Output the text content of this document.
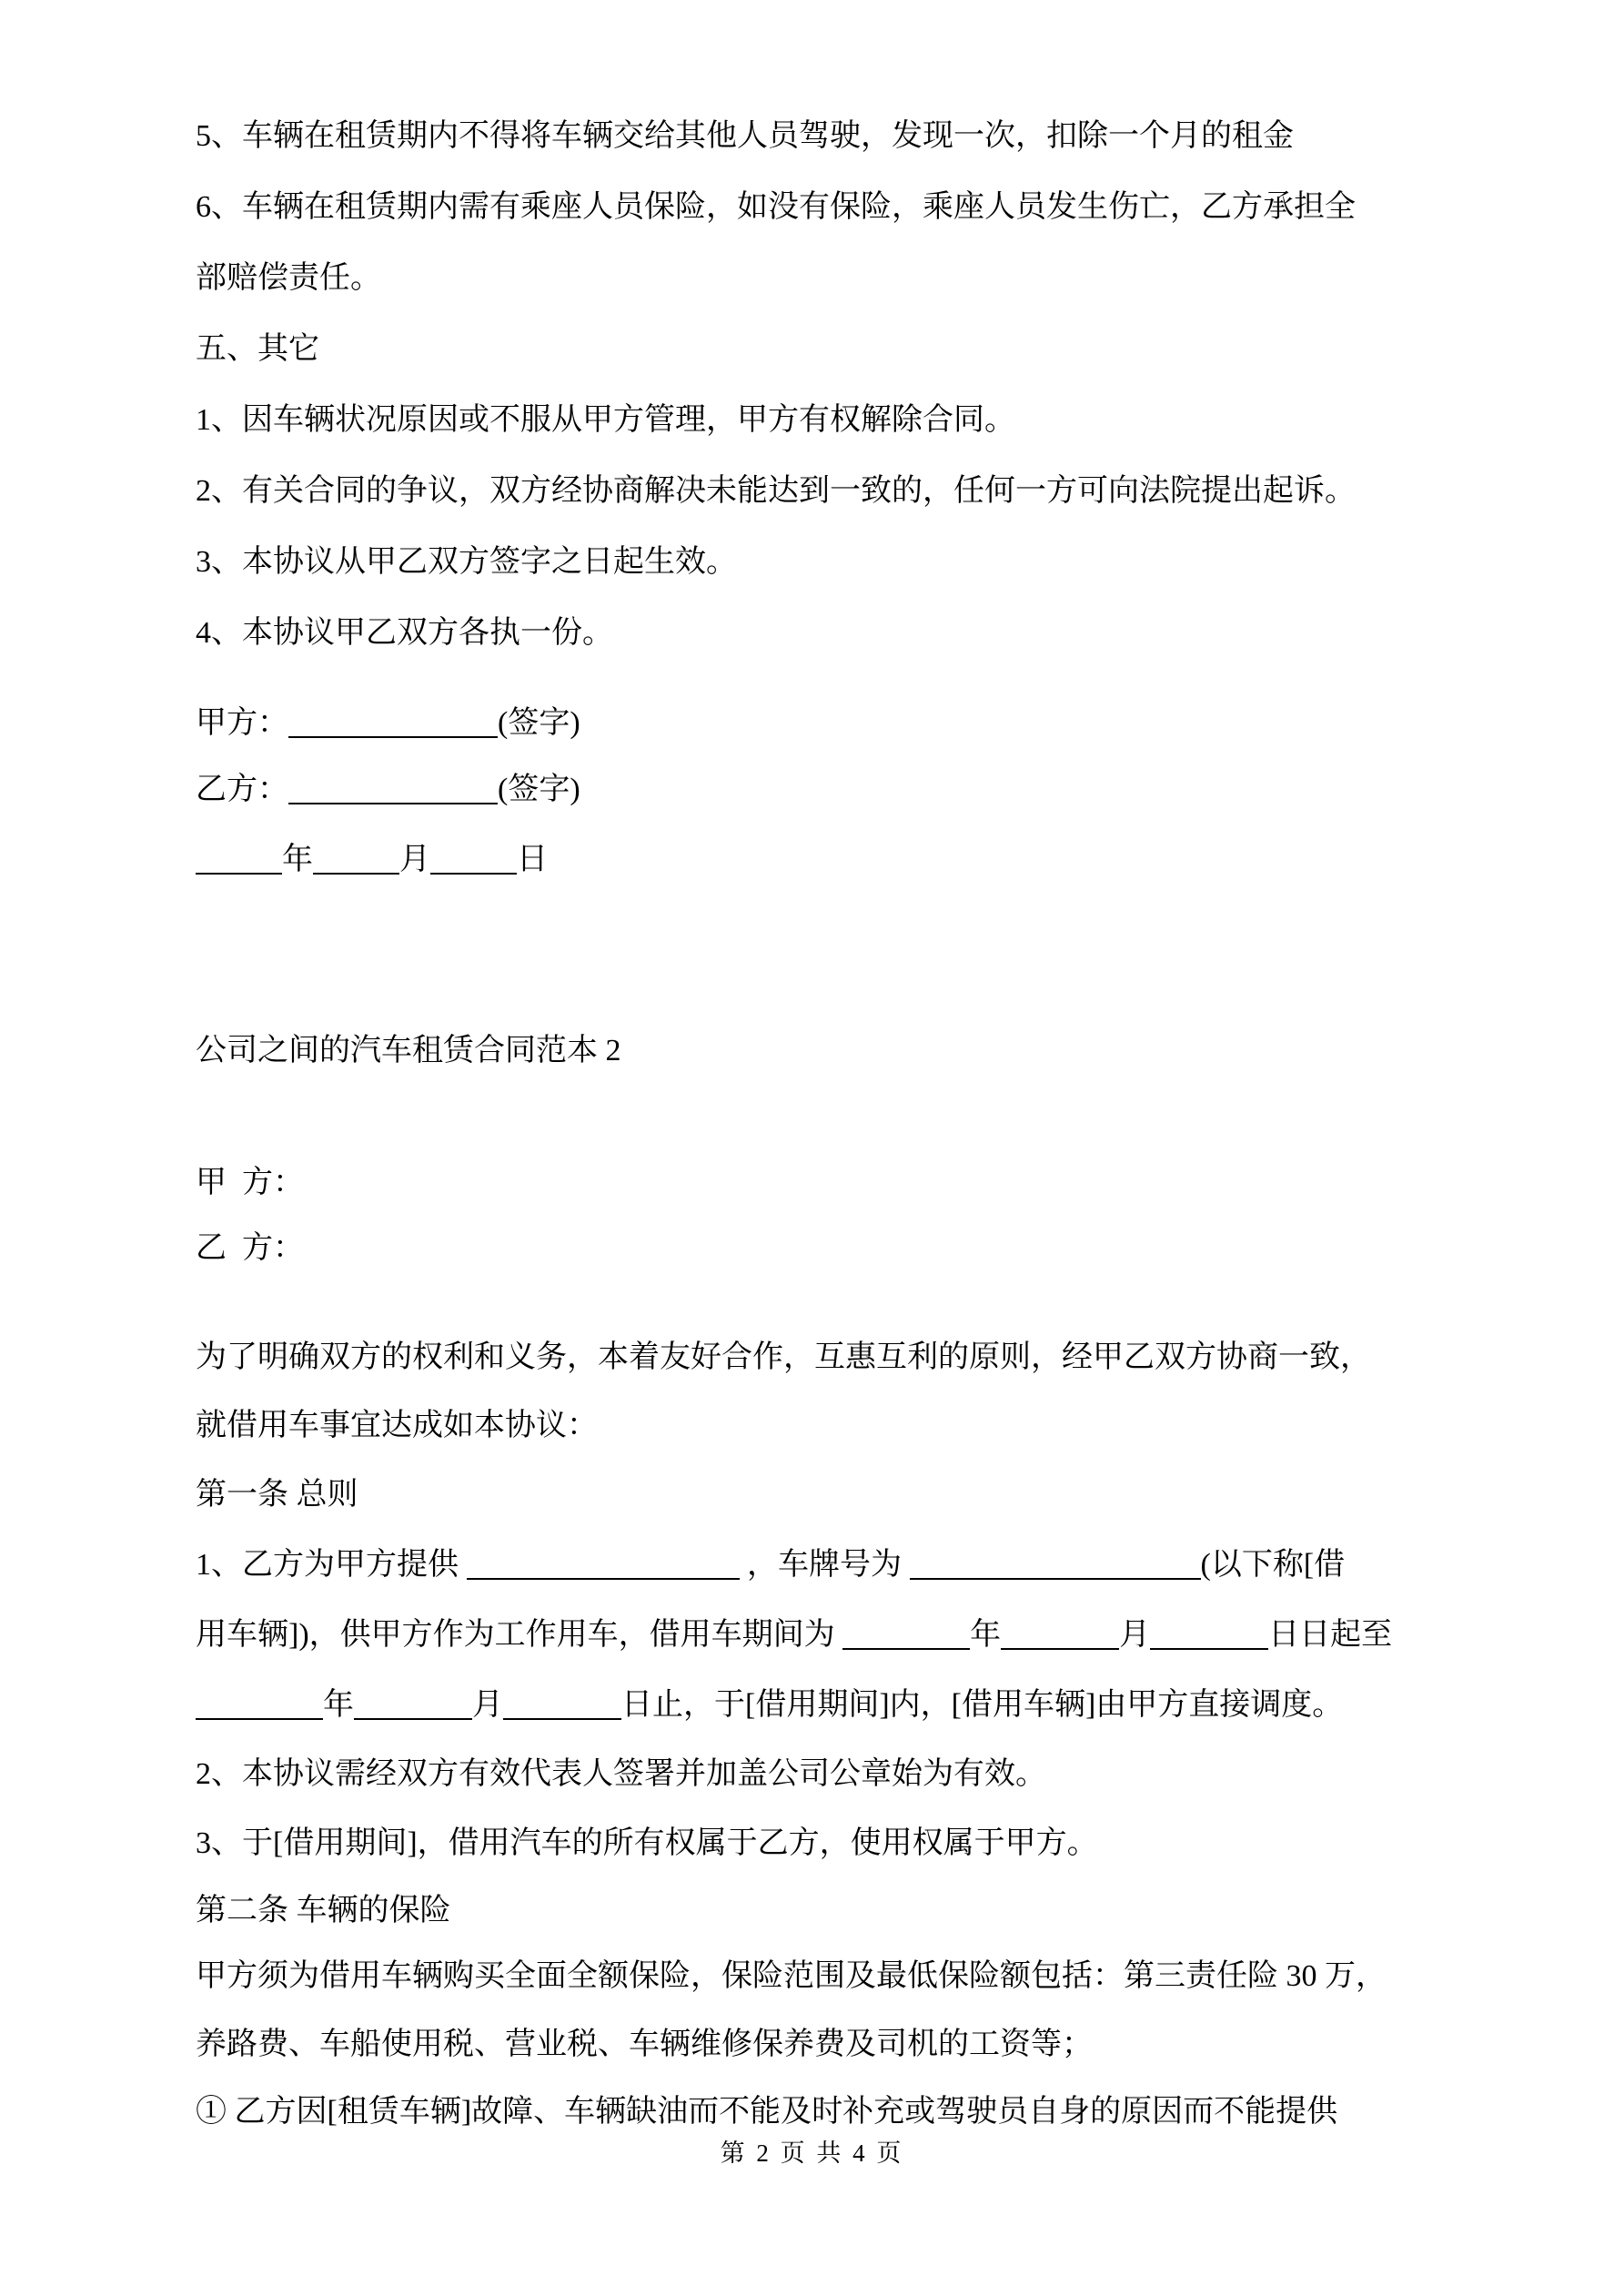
5、车辆在租赁期内不得将车辆交给其他人员驾驶，发现一次，扣除一个月的租金
6、车辆在租赁期内需有乘座人员保险，如没有保险，乘座人员发生伤亡，乙方承担全
部赔偿责任。
五、其它
1、因车辆状况原因或不服从甲方管理，甲方有权解除合同。
2、有关合同的争议，双方经协商解决未能达到一致的，任何一方可向法院提出起诉。
3、本协议从甲乙双方签字之日起生效。
4、本协议甲乙双方各执一份。
甲方：	(签字)
乙方：	(签字)
年	月	日
公司之间的汽车租赁合同范本 2
甲  方：
乙  方：
为了明确双方的权利和义务，本着友好合作，互惠互利的原则，经甲乙双方协商一致，
就借用车事宜达成如本协议：
第一条 总则
1、乙方为甲方提供	，车牌号为	(以下称[借
用车辆])，供甲方作为工作用车，借用车期间为	年	月	日日起至
年	月	日止，于[借用期间]内，[借用车辆]由甲方直接调度。
2、本协议需经双方有效代表人签署并加盖公司公章始为有效。
3、于[借用期间]，借用汽车的所有权属于乙方，使用权属于甲方。
第二条 车辆的保险
甲方须为借用车辆购买全面全额保险，保险范围及最低保险额包括：第三责任险 30 万，
养路费、车船使用税、营业税、车辆维修保养费及司机的工资等；
① 乙方因[租赁车辆]故障、车辆缺油而不能及时补充或驾驶员自身的原因而不能提供
第 2 页 共 4 页
